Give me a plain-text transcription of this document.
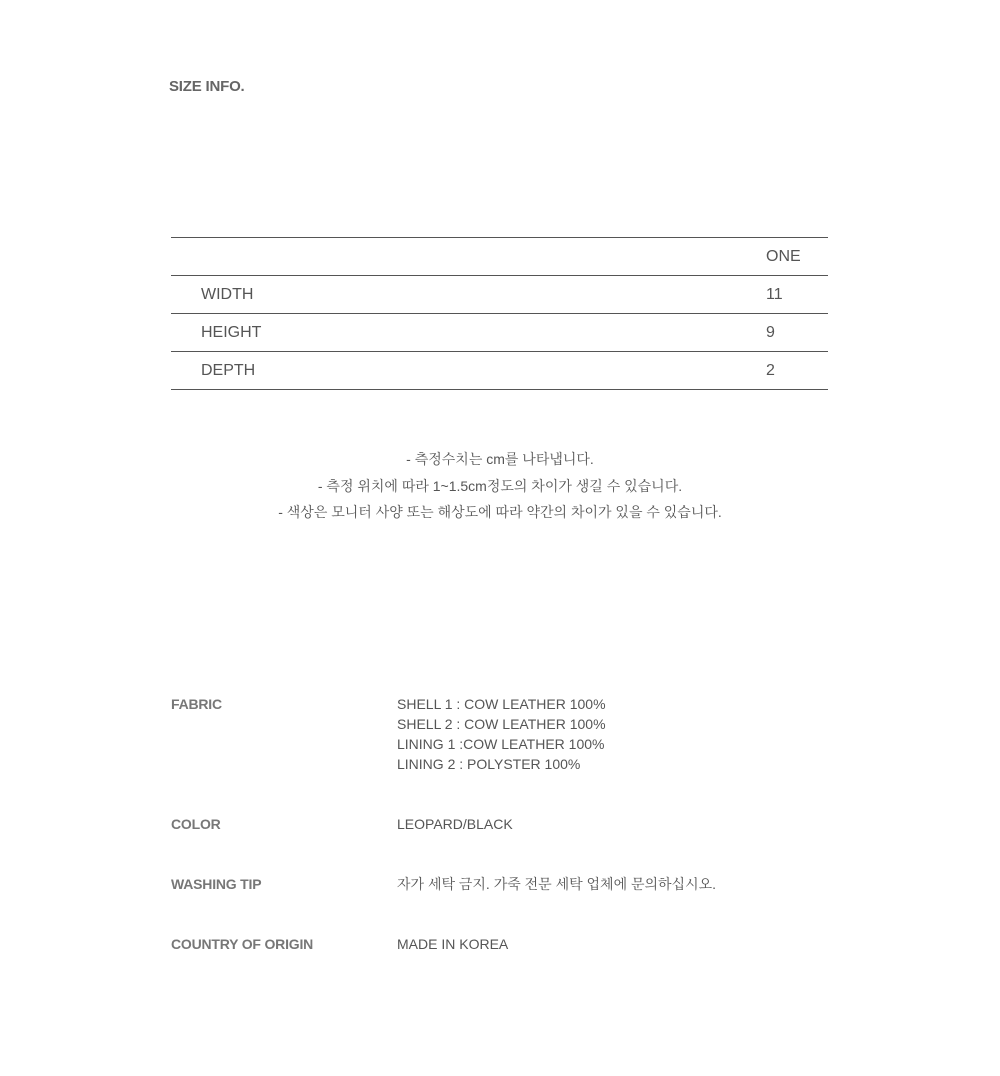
SIZE INFO.
	ONE
WIDTH	11
HEIGHT	9
DEPTH	2
- 측정수치는 cm를 나타냅니다.
- 측정 위치에 따라 1~1.5cm정도의 차이가 생길 수 있습니다.
- 색상은 모니터 사양 또는 해상도에 따라 약간의 차이가 있을 수 있습니다.
FABRIC	SHELL 1 : COW LEATHER 100%
SHELL 2 : COW LEATHER 100%
LINING 1 :COW LEATHER 100%
LINING 2 : POLYSTER 100%
COLOR	LEOPARD/BLACK
WASHING TIP	자가 세탁 금지. 가죽 전문 세탁 업체에 문의하십시오.
COUNTRY OF ORIGIN	MADE IN KOREA
